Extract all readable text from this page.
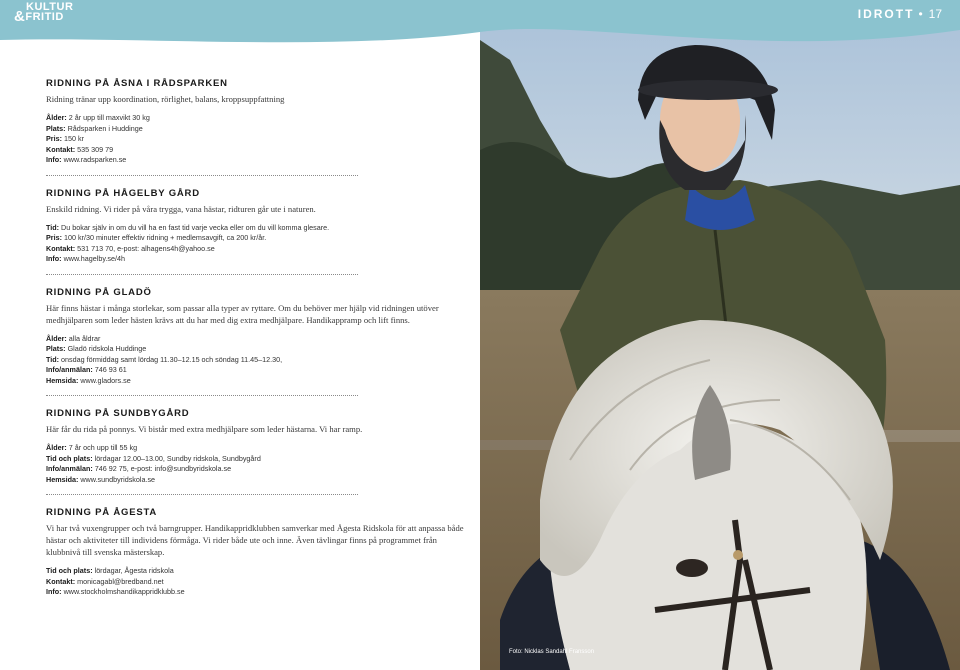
Foto: Nicklas Sandahl Fransson
KULTUR
&FRITID	IDROTT • 17
RIDNING PÅ ÅSNA I RÅDSPARKEN

Ridning tränar upp koordination, rörlighet, balans, kroppsuppfattning

Ålder: 2 år upp till maxvikt 30 kg
Plats: Rådsparken i Huddinge
Pris: 150 kr
Kontakt: 535 309 79
Info: www.radsparken.se
RIDNING PÅ HÅGELBY GÅRD

Enskild ridning. Vi rider på våra trygga, vana hästar, ridturen går ute i naturen.

Tid: Du bokar själv in om du vill ha en fast tid varje vecka eller om du vill komma glesare.
Pris: 100 kr/30 minuter effektiv ridning + medlemsavgift, ca 200 kr/år.
Kontakt: 531 713 70, e-post: alhagens4h@yahoo.se
Info: www.hagelby.se/4h
RIDNING PÅ GLADÖ

Här finns hästar i många storlekar, som passar alla typer av ryttare. Om du behöver mer hjälp vid ridningen utöver medhjälparen som leder hästen krävs att du har med dig extra medhjälpare. Handikappramp och lift finns.

Ålder: alla åldrar
Plats: Gladö ridskola Huddinge
Tid: onsdag förmiddag samt lördag 11.30–12.15 och söndag 11.45–12.30,
Info/anmälan: 746 93 61
Hemsida: www.gladors.se
RIDNING PÅ SUNDBYGÅRD

Här får du rida på ponnys. Vi bistår med extra medhjälpare som leder hästarna. Vi har ramp.

Ålder: 7 år och upp till 55 kg
Tid och plats: lördagar 12.00–13.00, Sundby ridskola, Sundbygård
Info/anmälan: 746 92 75, e-post: info@sundbyridskola.se
Hemsida: www.sundbyridskola.se
RIDNING PÅ ÅGESTA

Vi har två vuxengrupper och två barngrupper. Handikappridklubben samverkar med Ågesta Ridskola för att anpassa både hästar och aktiviteter till individens förmåga. Vi rider både ute och inne. Även tävlingar finns på programmet från klubbnivå till svenska mästerskap.

Tid och plats: lördagar, Ågesta ridskola
Kontakt: monicagabl@bredband.net
Info: www.stockholmshandikappridklubb.se
